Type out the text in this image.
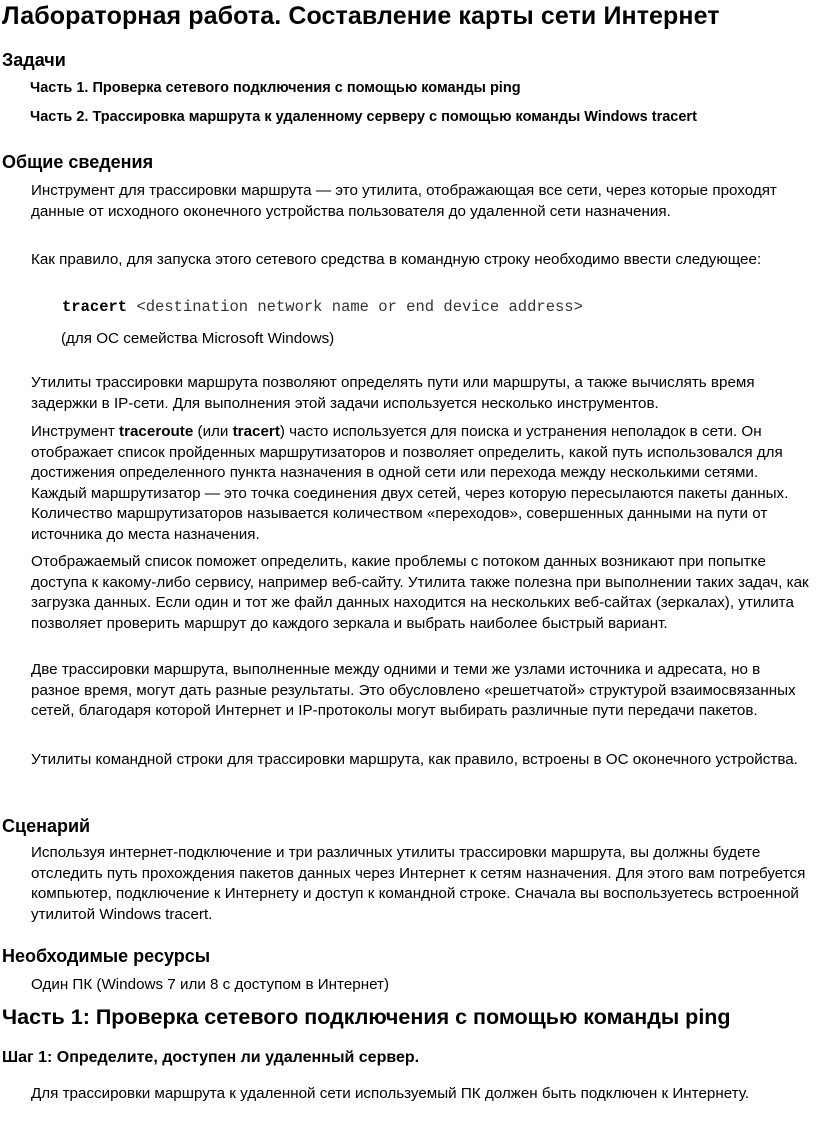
Лабораторная работа. Составление карты сети Интернет
Задачи
Часть 1. Проверка сетевого подключения с помощью команды ping
Часть 2. Трассировка маршрута к удаленному серверу с помощью команды Windows tracert
Общие сведения

Инструмент для трассировки маршрута — это утилита, отображающая все сети, через которые проходят данные от исходного оконечного устройства пользователя до удаленной сети назначения.

Как правило, для запуска этого сетевого средства в командную строку необходимо ввести следующее:

tracert <destination network name or end device address>
(для ОС семейства Microsoft Windows)

Утилиты трассировки маршрута позволяют определять пути или маршруты, а также вычислять время задержки в IP-сети. Для выполнения этой задачи используется несколько инструментов.

Инструмент traceroute (или tracert) часто используется для поиска и устранения неполадок в сети. Он отображает список пройденных маршрутизаторов и позволяет определить, какой путь использовался для достижения определенного пункта назначения в одной сети или перехода между несколькими сетями. Каждый маршрутизатор — это точка соединения двух сетей, через которую пересылаются пакеты данных. Количество маршрутизаторов называется количеством «переходов», совершенных данными на пути от источника до места назначения.

Отображаемый список поможет определить, какие проблемы с потоком данных возникают при попытке доступа к какому-либо сервису, например веб-сайту. Утилита также полезна при выполнении таких задач, как загрузка данных. Если один и тот же файл данных находится на нескольких веб-сайтах (зеркалах), утилита позволяет проверить маршрут до каждого зеркала и выбрать наиболее быстрый вариант.

Две трассировки маршрута, выполненные между одними и теми же узлами источника и адресата, но в разное время, могут дать разные результаты. Это обусловлено «решетчатой» структурой взаимосвязанных сетей, благодаря которой Интернет и IP-протоколы могут выбирать различные пути передачи пакетов.

Утилиты командной строки для трассировки маршрута, как правило, встроены в ОС оконечного устройства.

Сценарий

Используя интернет-подключение и три различных утилиты трассировки маршрута, вы должны будете отследить путь прохождения пакетов данных через Интернет к сетям назначения. Для этого вам потребуется компьютер, подключение к Интернету и доступ к командной строке. Сначала вы воспользуетесь встроенной утилитой Windows tracert.

Необходимые ресурсы

Один ПК (Windows 7 или 8 с доступом в Интернет)

Часть 1: Проверка сетевого подключения с помощью команды ping
Шаг 1: Определите, доступен ли удаленный сервер.

Для трассировки маршрута к удаленной сети используемый ПК должен быть подключен к Интернету.
